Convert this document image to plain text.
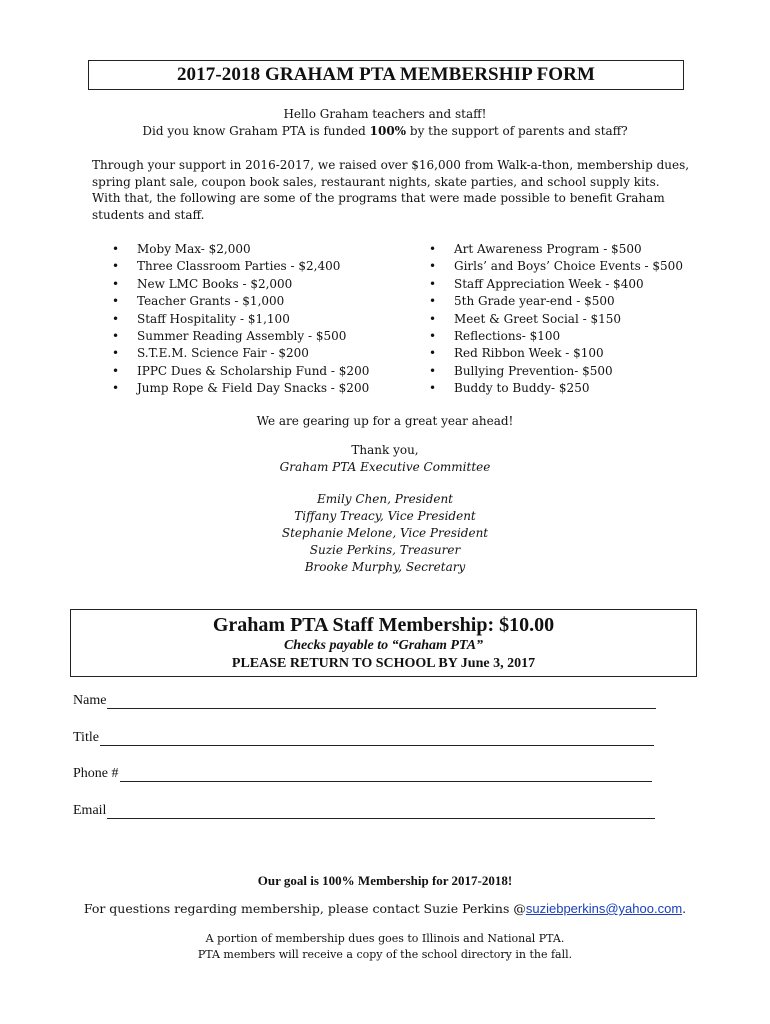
2017-2018 GRAHAM PTA MEMBERSHIP FORM
Hello Graham teachers and staff!
Did you know Graham PTA is funded 100% by the support of parents and staff?

Through your support in 2016-2017, we raised over $16,000 from Walk-a-thon, membership dues,

spring plant sale, coupon book sales, restaurant nights, skate parties, and school supply kits.

With that, the following are some of the programs that were made possible to benefit Graham

students and staff.

• Moby Max- $2,000
• Three Classroom Parties - $2,400
• New LMC Books - $2,000
• Teacher Grants - $1,000
• Staff Hospitality - $1,100
• Summer Reading Assembly - $500
• S.T.E.M. Science Fair - $200
• IPPC Dues & Scholarship Fund - $200
• Jump Rope & Field Day Snacks - $200
• Art Awareness Program - $500
• Girls’ and Boys’ Choice Events - $500
• Staff Appreciation Week - $400
• 5th Grade year-end - $500
• Meet & Greet Social - $150
• Reflections- $100
• Red Ribbon Week - $100
• Bullying Prevention- $500
• Buddy to Buddy- $250
We are gearing up for a great year ahead!
Thank you,
Graham PTA Executive Committee
Emily Chen, President
Tiffany Treacy, Vice President
Stephanie Melone, Vice President
Suzie Perkins, Treasurer
Brooke Murphy, Secretary
Graham PTA Staff Membership: $10.00
Checks payable to “Graham PTA”
PLEASE RETURN TO SCHOOL BY June 3, 2017
Name
Title
Phone #
Email
Our goal is 100% Membership for 2017-2018!
For questions regarding membership, please contact Suzie Perkins @suziebperkins@yahoo.com.
A portion of membership dues goes to Illinois and National PTA.
PTA members will receive a copy of the school directory in the fall.
